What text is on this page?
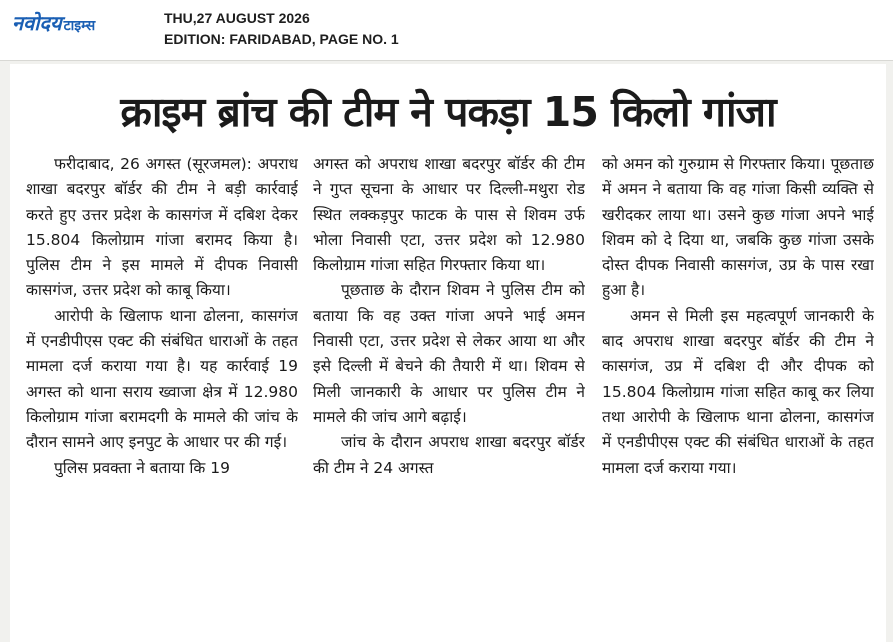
नवोदय टाइम्स	THU,27 AUGUST 2026
EDITION: FARIDABAD, PAGE NO. 1
क्राइम ब्रांच की टीम ने पकड़ा 15 किलो गांजा

फरीदाबाद, 26 अगस्त (सूरजमल): अपराध शाखा बदरपुर बॉर्डर की टीम ने बड़ी कार्रवाई करते हुए उत्तर प्रदेश के कासगंज में दबिश देकर 15.804 किलोग्राम गांजा बरामद किया है। पुलिस टीम ने इस मामले में दीपक निवासी कासगंज, उत्तर प्रदेश को काबू किया।

आरोपी के खिलाफ थाना ढोलना, कासगंज में एनडीपीएस एक्ट की संबंधित धाराओं के तहत मामला दर्ज कराया गया है। यह कार्रवाई 19 अगस्त को थाना सराय ख्वाजा क्षेत्र में 12.980 किलोग्राम गांजा बरामदगी के मामले की जांच के दौरान सामने आए इनपुट के आधार पर की गई।

पुलिस प्रवक्ता ने बताया कि 19

अगस्त को अपराध शाखा बदरपुर बॉर्डर की टीम ने गुप्त सूचना के आधार पर दिल्ली-मथुरा रोड स्थित लक्कड़पुर फाटक के पास से शिवम उर्फ भोला निवासी एटा, उत्तर प्रदेश को 12.980 किलोग्राम गांजा सहित गिरफ्तार किया था।

पूछताछ के दौरान शिवम ने पुलिस टीम को बताया कि वह उक्त गांजा अपने भाई अमन निवासी एटा, उत्तर प्रदेश से लेकर आया था और इसे दिल्ली में बेचने की तैयारी में था। शिवम से मिली जानकारी के आधार पर पुलिस टीम ने मामले की जांच आगे बढ़ाई।

जांच के दौरान अपराध शाखा बदरपुर बॉर्डर की टीम ने 24 अगस्त

को अमन को गुरुग्राम से गिरफ्तार किया। पूछताछ में अमन ने बताया कि वह गांजा किसी व्यक्ति से खरीदकर लाया था। उसने कुछ गांजा अपने भाई शिवम को दे दिया था, जबकि कुछ गांजा उसके दोस्त दीपक निवासी कासगंज, उप्र के पास रखा हुआ है।

अमन से मिली इस महत्वपूर्ण जानकारी के बाद अपराध शाखा बदरपुर बॉर्डर की टीम ने कासगंज, उप्र में दबिश दी और दीपक को 15.804 किलोग्राम गांजा सहित काबू कर लिया तथा आरोपी के खिलाफ थाना ढोलना, कासगंज में एनडीपीएस एक्ट की संबंधित धाराओं के तहत मामला दर्ज कराया गया।
